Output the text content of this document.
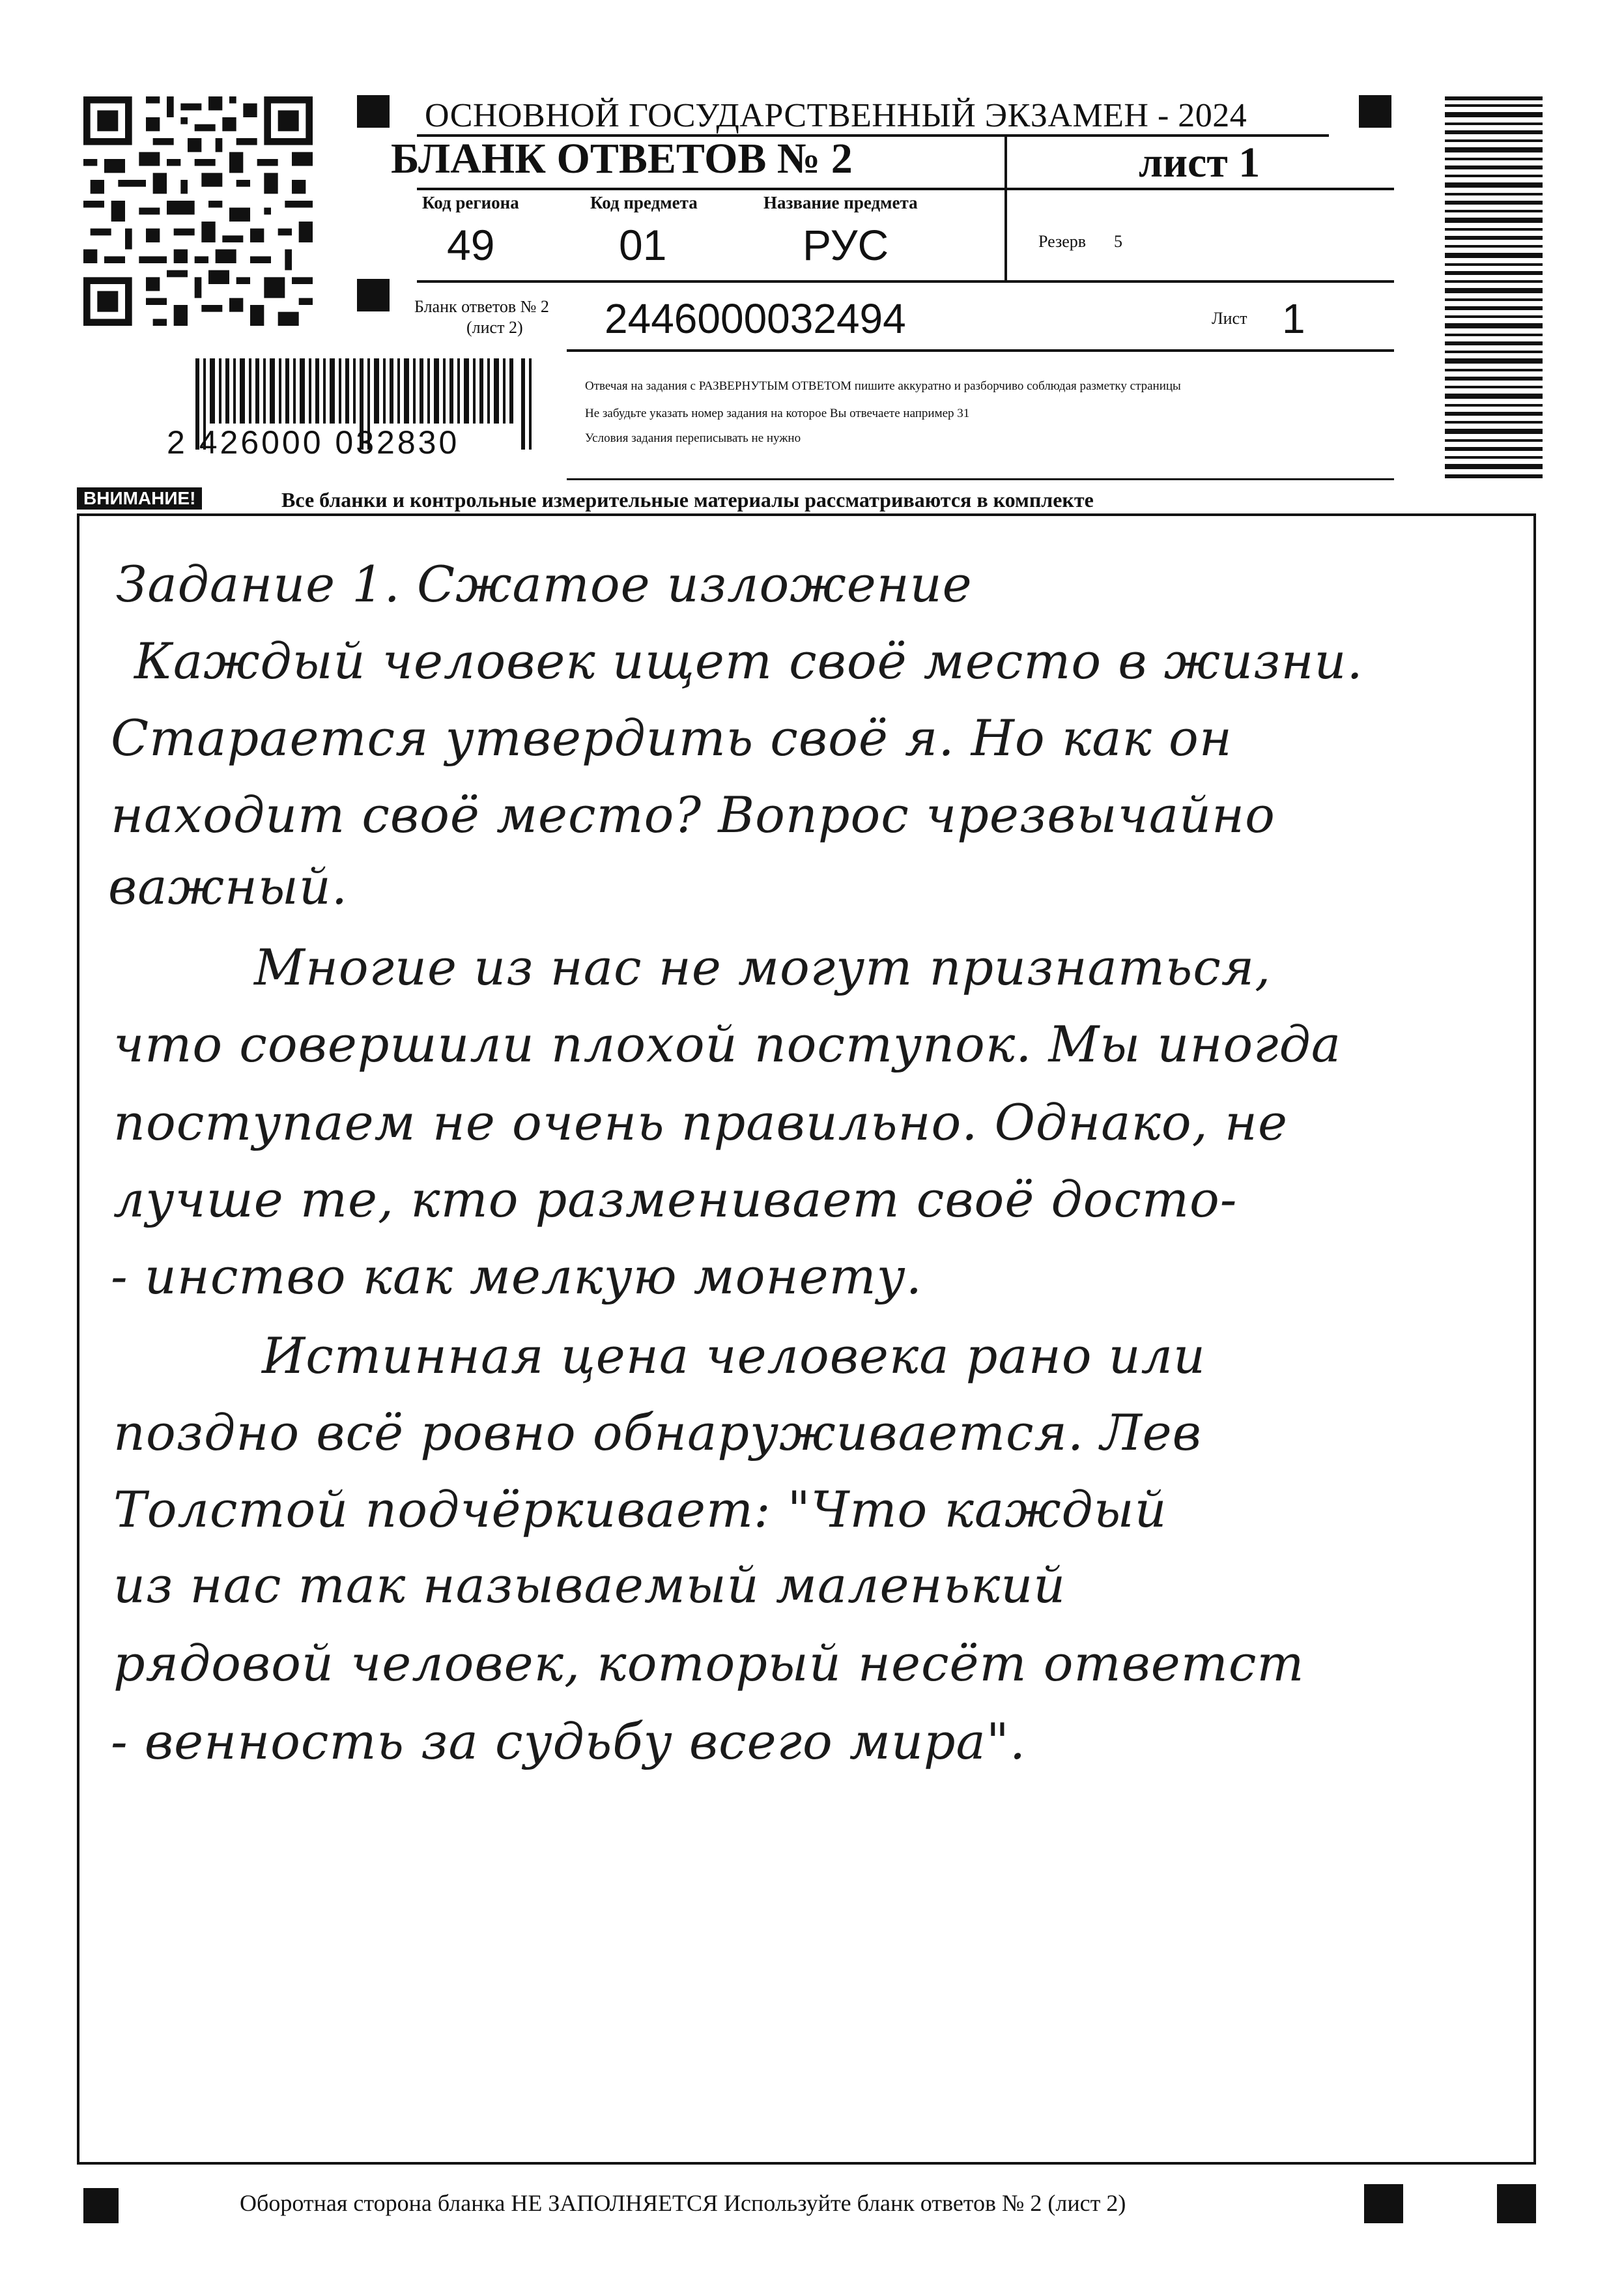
ОСНОВНОЙ ГОСУДАРСТВЕННЫЙ ЭКЗАМЕН - 2024
БЛАНК ОТВЕТОВ № 2	лист 1
Код региона
49
Код предмета
01
Название предмета
РУС	Резерв 5
Бланк ответов № 2
(лист 2) 2446000032494	Лист 1
Отвечая на задания с РАЗВЕРНУТЫМ ОТВЕТОМ пишите аккуратно и разборчиво соблюдая разметку страницы
Не забудьте указать номер задания на которое Вы отвечаете например 31
Условия задания переписывать не нужно
2 426000 032830
ВНИМАНИЕ!	Все бланки и контрольные измерительные материалы рассматриваются в комплекте
Задание 1. Сжатое изложение
Каждый человек ищет своё место в жизни.
Старается утвердить своё я. Но как он
находит своё место? Вопрос чрезвычайно
важный.
Многие из нас не могут признаться,
что совершили плохой поступок. Мы иногда
поступаем не очень правильно. Однако, не
лучше те, кто разменивает своё досто-
- инство как мелкую монету.
Истинная цена человека рано или
поздно всё ровно обнаруживается. Лев
Толстой подчёркивает: "Что каждый
из нас так называемый маленький
рядовой человек, который несёт ответст
- венность за судьбу всего мира".
Оборотная сторона бланка НЕ ЗАПОЛНЯЕТСЯ Используйте бланк ответов № 2 (лист 2)
